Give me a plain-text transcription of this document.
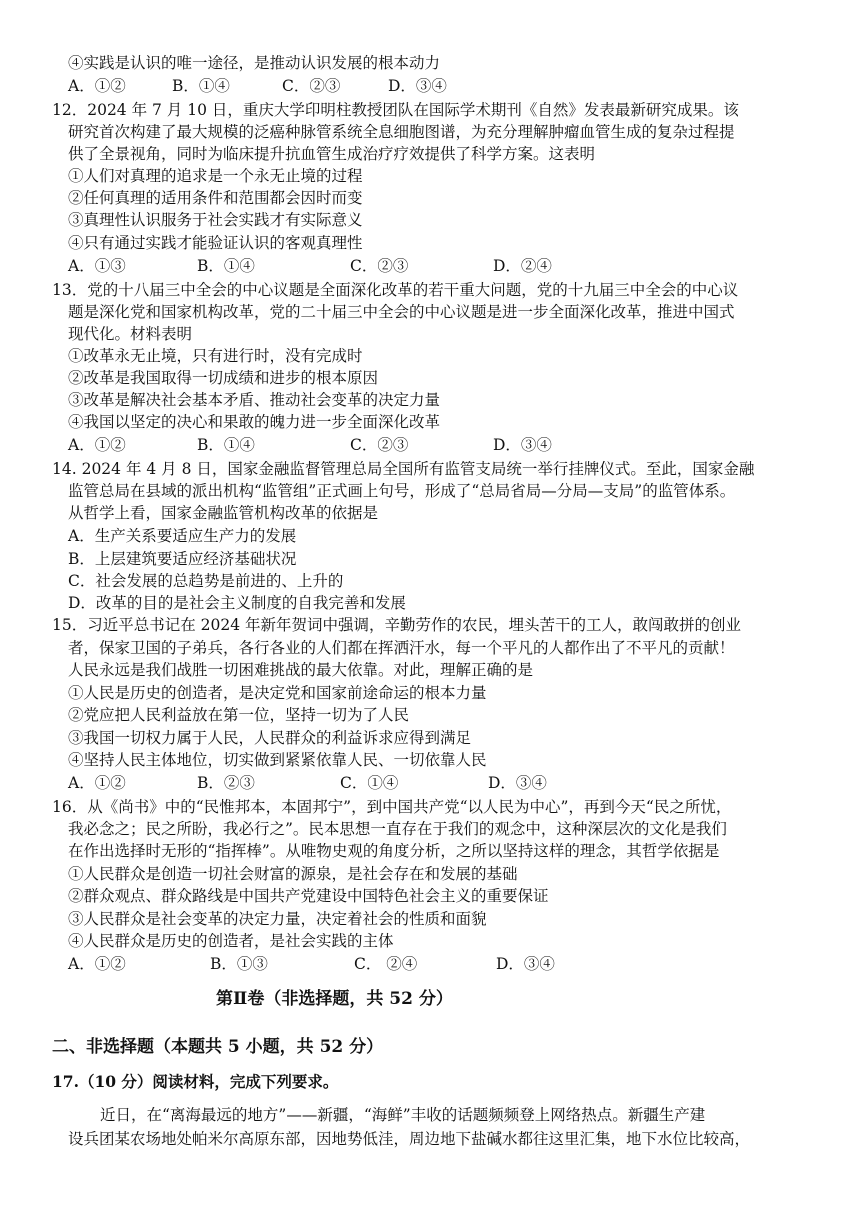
④实践是认识的唯一途径，是推动认识发展的根本动力
A．①②	B．①④	C．②③	D．③④
12．2024 年 7 月 10 日，重庆大学印明柱教授团队在国际学术期刊《自然》发表最新研究成果。该
研究首次构建了最大规模的泛癌种脉管系统全息细胞图谱，为充分理解肿瘤血管生成的复杂过程提
供了全景视角，同时为临床提升抗血管生成治疗疗效提供了科学方案。这表明
①人们对真理的追求是一个永无止境的过程
②任何真理的适用条件和范围都会因时而变
③真理性认识服务于社会实践才有实际意义
④只有通过实践才能验证认识的客观真理性
A．①③	B．①④	C．②③	D．②④
13．党的十八届三中全会的中心议题是全面深化改革的若干重大问题，党的十九届三中全会的中心议
题是深化党和国家机构改革，党的二十届三中全会的中心议题是进一步全面深化改革，推进中国式
现代化。材料表明
①改革永无止境，只有进行时，没有完成时
②改革是我国取得一切成绩和进步的根本原因
③改革是解决社会基本矛盾、推动社会变革的决定力量
④我国以坚定的决心和果敢的魄力进一步全面深化改革
A．①②	B．①④	C．②③	D．③④
14. 2024 年 4 月 8 日，国家金融监督管理总局全国所有监管支局统一举行挂牌仪式。至此，国家金融
监管总局在县域的派出机构“监管组”正式画上句号，形成了“总局省局—分局—支局”的监管体系。
从哲学上看，国家金融监管机构改革的依据是
A．生产关系要适应生产力的发展
B．上层建筑要适应经济基础状况
C．社会发展的总趋势是前进的、上升的
D．改革的目的是社会主义制度的自我完善和发展
15．习近平总书记在 2024 年新年贺词中强调，辛勤劳作的农民，埋头苦干的工人，敢闯敢拼的创业
者，保家卫国的子弟兵，各行各业的人们都在挥洒汗水，每一个平凡的人都作出了不平凡的贡献！
人民永远是我们战胜一切困难挑战的最大依靠。对此，理解正确的是
①人民是历史的创造者，是决定党和国家前途命运的根本力量
②党应把人民利益放在第一位，坚持一切为了人民
③我国一切权力属于人民，人民群众的利益诉求应得到满足
④坚持人民主体地位，切实做到紧紧依靠人民、一切依靠人民
A．①②	B．②③	C．①④	D．③④
16．从《尚书》中的“民惟邦本，本固邦宁”，到中国共产党“以人民为中心”，再到今天“民之所忧，
我必念之；民之所盼，我必行之”。民本思想一直存在于我们的观念中，这种深层次的文化是我们
在作出选择时无形的“指挥棒”。从唯物史观的角度分析，之所以坚持这样的理念，其哲学依据是
①人民群众是创造一切社会财富的源泉，是社会存在和发展的基础
②群众观点、群众路线是中国共产党建设中国特色社会主义的重要保证
③人民群众是社会变革的决定力量，决定着社会的性质和面貌
④人民群众是历史的创造者，是社会实践的主体
A．①②	B．①③	C． ②④	D．③④
第Ⅱ卷（非选择题，共 52 分）
二、非选择题（本题共 5 小题，共 52 分）
17.（10 分）阅读材料，完成下列要求。
近日，在“离海最远的地方”——新疆，“海鲜”丰收的话题频频登上网络热点。新疆生产建
设兵团某农场地处帕米尔高原东部，因地势低洼，周边地下盐碱水都往这里汇集，地下水位比较高，
